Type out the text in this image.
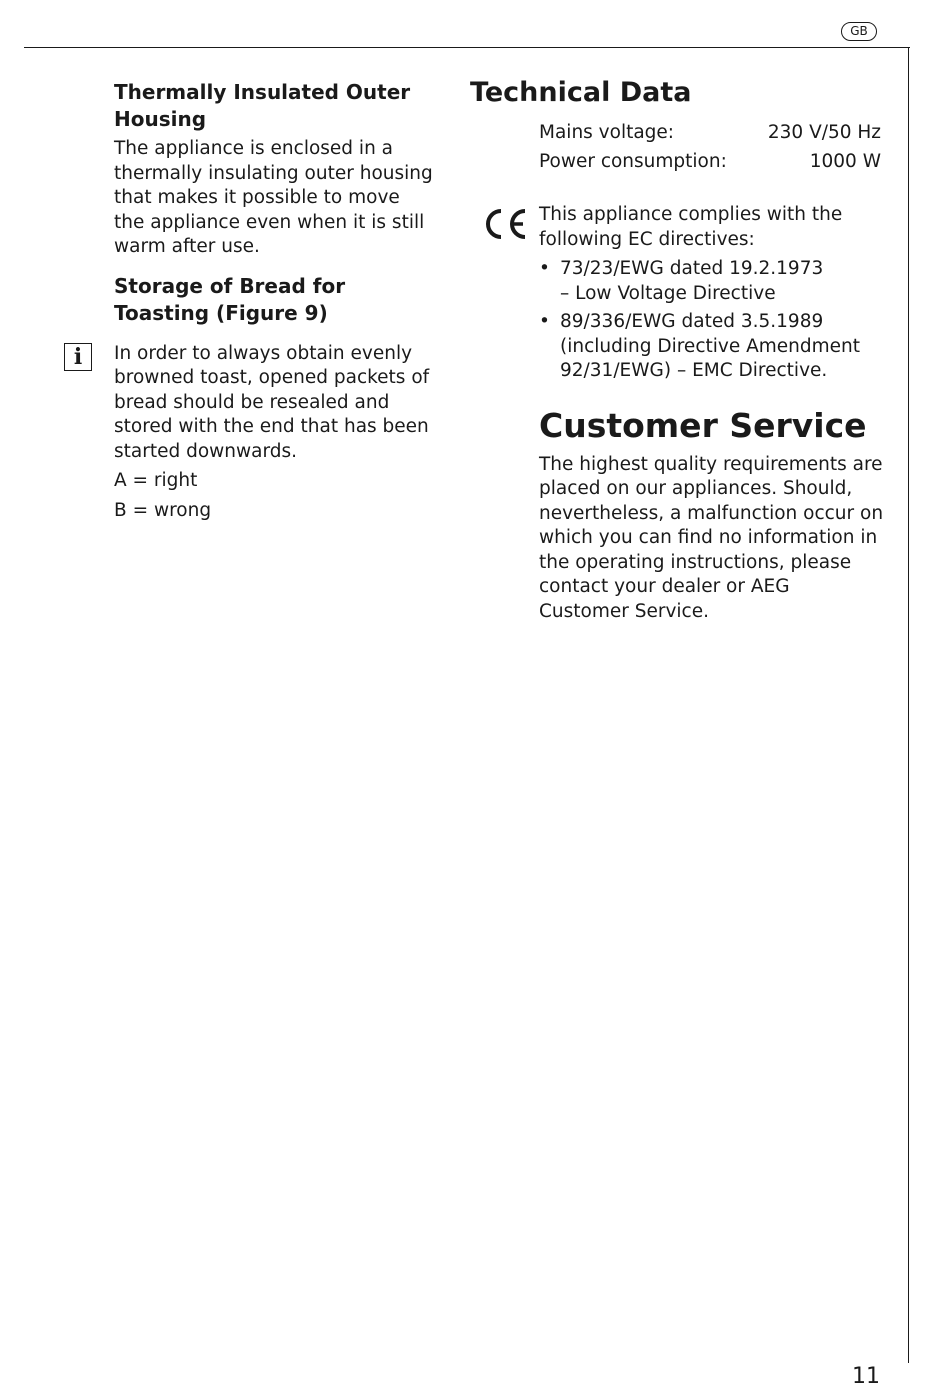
GB
Thermally Insulated Outer Housing

The appliance is enclosed in a thermally insulating outer housing that makes it possible to move the appliance even when it is still warm after use.

Storage of Bread for Toasting (Figure 9)

In order to always obtain evenly browned toast, opened packets of bread should be resealed and stored with the end that has been started downwards.

A = right

B = wrong

i
Technical Data
Mains voltage:	230 V/50 Hz
Power consumption:	1000 W

This appliance complies with the following EC directives:

• 73/23/EWG dated 19.2.1973
– Low Voltage Directive
• 89/336/EWG dated 3.5.1989
(including Directive Amendment
92/31/EWG) – EMC Directive.
Customer Service

The highest quality requirements are placed on our appliances. Should, nevertheless, a malfunction occur on which you can find no information in the operating instructions, please contact your dealer or AEG Customer Service.

11
